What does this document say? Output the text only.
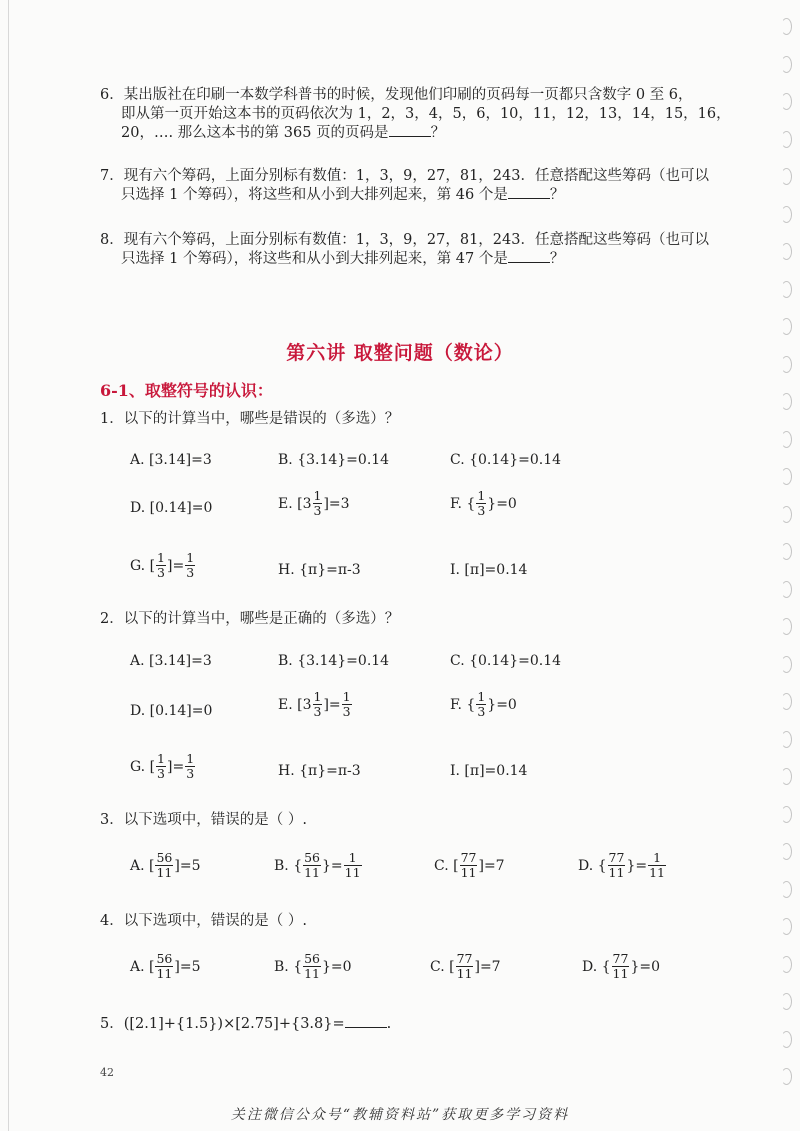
6．某出版社在印刷一本数学科普书的时候，发现他们印刷的页码每一页都只含数字 0 至 6，
即从第一页开始这本书的页码依次为 1，2，3，4，5，6，10，11，12，13，14，15，16，
20，…. 那么这本书的第 365 页的页码是	？
7．现有六个筹码，上面分别标有数值：1，3，9，27，81，243．任意搭配这些筹码（也可以
只选择 1 个筹码），将这些和从小到大排列起来，第 46 个是	？
8．现有六个筹码，上面分别标有数值：1，3，9，27，81，243．任意搭配这些筹码（也可以
只选择 1 个筹码），将这些和从小到大排列起来，第 47 个是	？
第六讲 取整问题（数论）
6-1、取整符号的认识：
1．以下的计算当中，哪些是错误的（多选）？
A. [3.14]=3	B. {3.14}=0.14	C. {0.14}=0.14
D. [0.14]=0	E. $[3 \frac{1}{3} ]=3$	F. { $\frac{1}{3} \}=0$
G. [ $\frac{1}{3}$ ]= $\frac{1}{3}$	H. {π}=π-3	I. [π]=0.14
2．以下的计算当中，哪些是正确的（多选）？
A. [3.14]=3	B. {3.14}=0.14	C. {0.14}=0.14
D. [0.14]=0	E. [$3 \frac{1}{3}$ ]= $\frac{1}{3}$	F. { $\frac{1}{3} \}=0$
G. [ $\frac{1}{3}$ ]= $\frac{1}{3}$	H. {π}=π-3	I. [π]=0.14
3．以下选项中，错误的是（ ）.
A. [ $\frac{56}{11} ]=5$	B. { $\frac{56}{11}$ }= $\frac{1}{11}$	C. [ $\frac{77}{11} ]=7$	D. { $\frac{77}{11}$ }= $\frac{1}{11}$
4．以下选项中，错误的是（ ）.
A. [ $\frac{56}{11} ]=5$	B. { $\frac{56}{11} \}=0$	C. [ $\frac{77}{11} ]=7$	D. { $\frac{77}{11} \}=0$
5．([2.1]+{1.5})×[2.75]+{3.8}=	.
42
关注微信公众号“教辅资料站”获取更多学习资料
